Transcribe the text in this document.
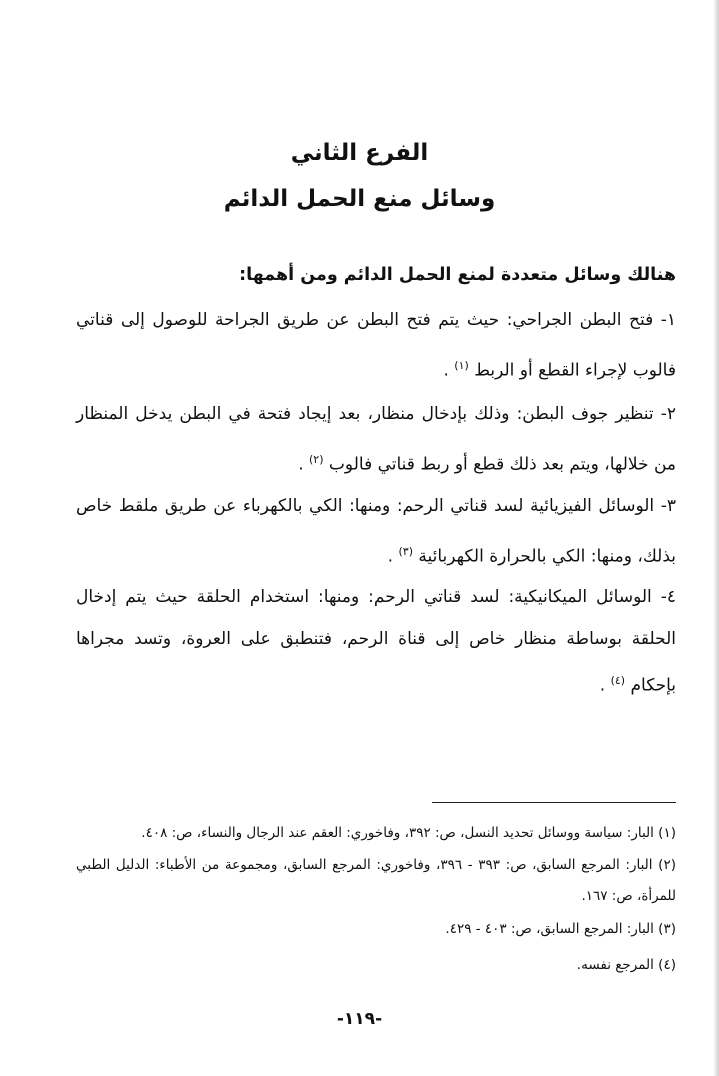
الفرع الثاني
وسائل منع الحمل الدائم
هنالك وسائل متعددة لمنع الحمل الدائم ومن أهمها:
١- فتح البطن الجراحي: حيث يتم فتح البطن عن طريق الجراحة للوصول إلى قناتي فالوب لإجراء القطع أو الربط $^{(١)}$ .
٢- تنظير جوف البطن: وذلك بإدخال منظار، بعد إيجاد فتحة في البطن يدخل المنظار من خلالها، ويتم بعد ذلك قطع أو ربط قناتي فالوب $^{(٢)}$ .
٣- الوسائل الفيزيائية لسد قناتي الرحم: ومنها: الكي بالكهرباء عن طريق ملقط خاص بذلك، ومنها: الكي بالحرارة الكهربائية $^{(٣)}$ .
٤- الوسائل الميكانيكية: لسد قناتي الرحم: ومنها: استخدام الحلقة حيث يتم إدخال الحلقة بوساطة منظار خاص إلى قناة الرحم، فتنطبق على العروة، وتسد مجراها بإحكام $^{(٤)}$ .
(١) البار: سياسة ووسائل تحديد النسل، ص: ٣٩٢، وفاخوري: العقم عند الرجال والنساء، ص: ٤٠٨.
(٢) البار: المرجع السابق، ص: ٣٩٣ - ٣٩٦، وفاخوري: المرجع السابق، ومجموعة من الأطباء: الدليل الطبي للمرأة، ص: ١٦٧.
(٣) البار: المرجع السابق، ص: ٤٠٣ - ٤٢٩.
(٤) المرجع نفسه.
-١١٩-
